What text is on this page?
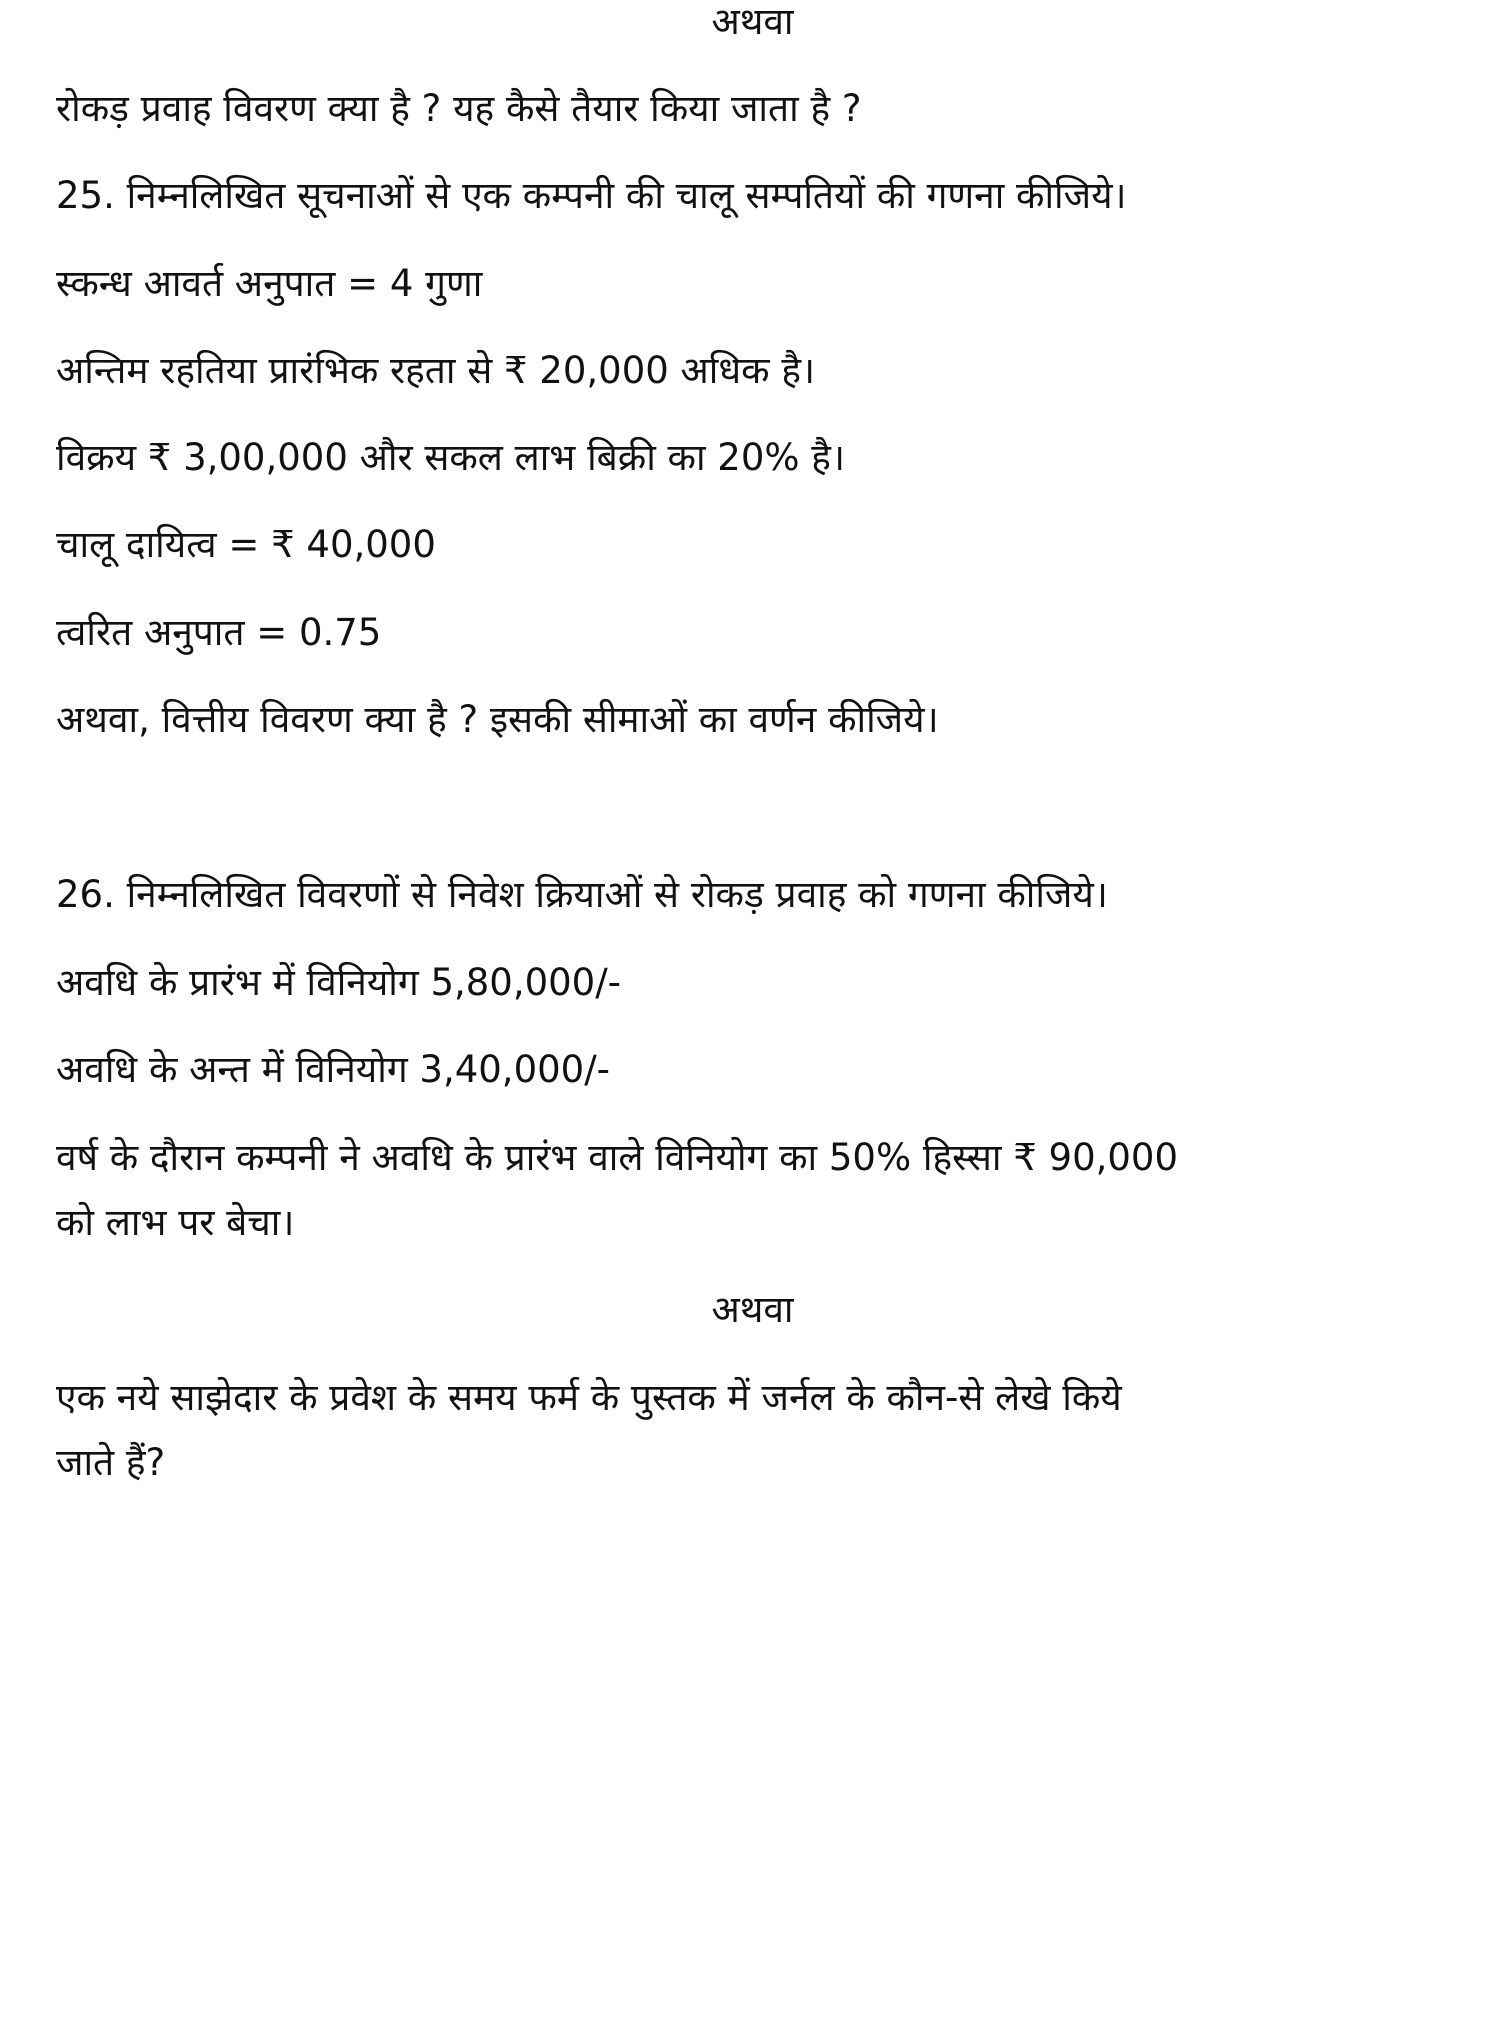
अथवा
रोकड़ प्रवाह विवरण क्या है ? यह कैसे तैयार किया जाता है ?
25. निम्नलिखित सूचनाओं से एक कम्पनी की चालू सम्पतियों की गणना कीजिये।
स्कन्ध आवर्त अनुपात = 4 गुणा
अन्तिम रहतिया प्रारंभिक रहता से ₹ 20,000 अधिक है।
विक्रय ₹ 3,00,000 और सकल लाभ बिक्री का 20% है।
चालू दायित्व = ₹ 40,000
त्वरित अनुपात = 0.75
अथवा, वित्तीय विवरण क्या है ? इसकी सीमाओं का वर्णन कीजिये।
26. निम्नलिखित विवरणों से निवेश क्रियाओं से रोकड़ प्रवाह को गणना कीजिये।
अवधि के प्रारंभ में विनियोग 5,80,000/-
अवधि के अन्त में विनियोग 3,40,000/-
वर्ष के दौरान कम्पनी ने अवधि के प्रारंभ वाले विनियोग का 50% हिस्सा ₹ 90,000
को लाभ पर बेचा।
अथवा
एक नये साझेदार के प्रवेश के समय फर्म के पुस्तक में जर्नल के कौन-से लेखे किये
जाते हैं?
